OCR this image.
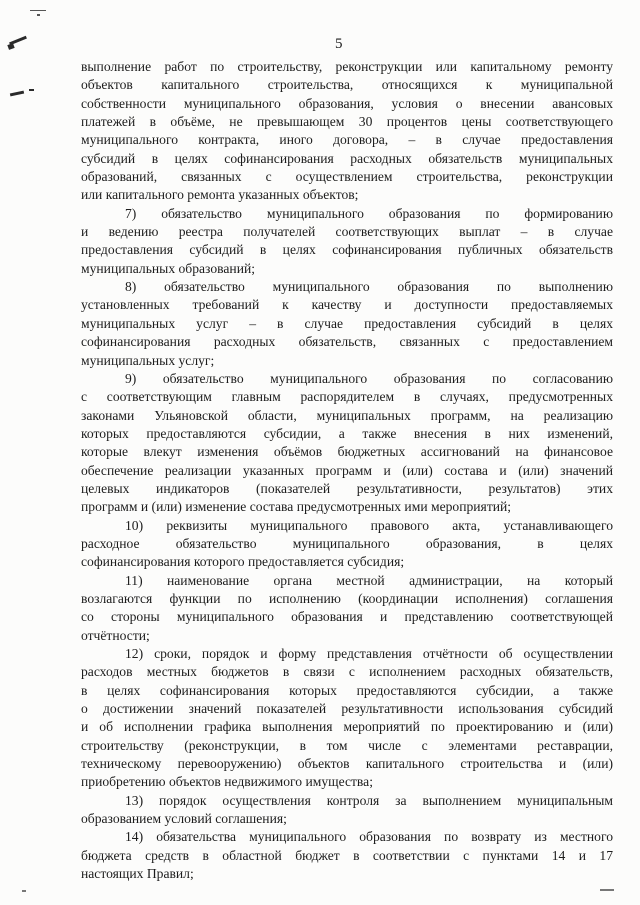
5
выполнение работ по строительству, реконструкции или капитальному ремонту
объектов капитального строительства, относящихся к муниципальной
собственности муниципального образования, условия о внесении авансовых
платежей в объёме, не превышающем 30 процентов цены соответствующего
муниципального контракта, иного договора, – в случае предоставления
субсидий в целях софинансирования расходных обязательств муниципальных
образований, связанных с осуществлением строительства, реконструкции
или капитального ремонта указанных объектов;
7) обязательство муниципального образования по формированию
и ведению реестра получателей соответствующих выплат – в случае
предоставления субсидий в целях софинансирования публичных обязательств
муниципальных образований;
8) обязательство муниципального образования по выполнению
установленных требований к качеству и доступности предоставляемых
муниципальных услуг – в случае предоставления субсидий в целях
софинансирования расходных обязательств, связанных с предоставлением
муниципальных услуг;
9) обязательство муниципального образования по согласованию
с соответствующим главным распорядителем в случаях, предусмотренных
законами Ульяновской области, муниципальных программ, на реализацию
которых предоставляются субсидии, а также внесения в них изменений,
которые влекут изменения объёмов бюджетных ассигнований на финансовое
обеспечение реализации указанных программ и (или) состава и (или) значений
целевых индикаторов (показателей результативности, результатов) этих
программ и (или) изменение состава предусмотренных ими мероприятий;
10) реквизиты муниципального правового акта, устанавливающего
расходное обязательство муниципального образования, в целях
софинансирования которого предоставляется субсидия;
11) наименование органа местной администрации, на который
возлагаются функции по исполнению (координации исполнения) соглашения
со стороны муниципального образования и представлению соответствующей
отчётности;
12) сроки, порядок и форму представления отчётности об осуществлении
расходов местных бюджетов в связи с исполнением расходных обязательств,
в целях софинансирования которых предоставляются субсидии, а также
о достижении значений показателей результативности использования субсидий
и об исполнении графика выполнения мероприятий по проектированию и (или)
строительству (реконструкции, в том числе с элементами реставрации,
техническому перевооружению) объектов капитального строительства и (или)
приобретению объектов недвижимого имущества;
13) порядок осуществления контроля за выполнением муниципальным
образованием условий соглашения;
14) обязательства муниципального образования по возврату из местного
бюджета средств в областной бюджет в соответствии с пунктами 14 и 17
настоящих Правил;
